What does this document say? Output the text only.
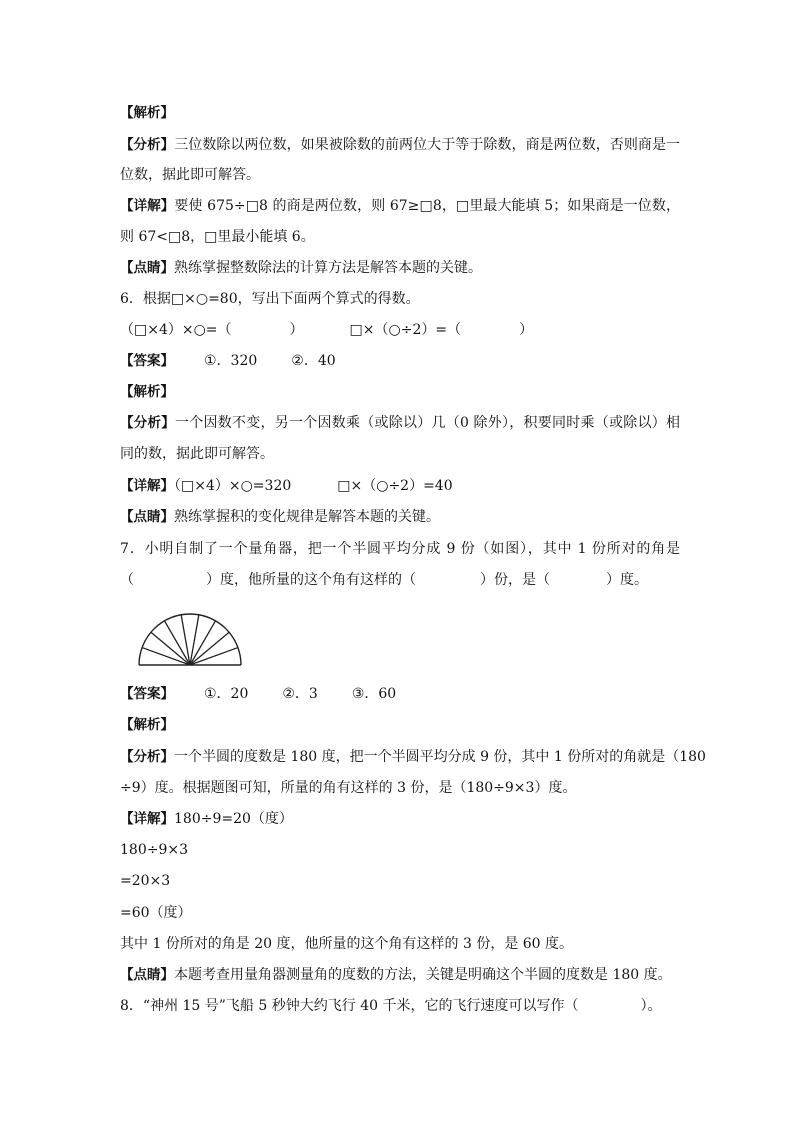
【解析】
【分析】三位数除以两位数，如果被除数的前两位大于等于除数，商是两位数，否则商是一
位数，据此即可解答。
【详解】要使 675÷□8 的商是两位数，则 67≥□8，□里最大能填 5；如果商是一位数，
则 67<□8，□里最小能填 6。
【点睛】熟练掌握整数除法的计算方法是解答本题的关键。
6．根据□×○=80，写出下面两个算式的得数。
（□×4）×○=（	）	□×（○÷2）=（	）
【答案】 ①．320 ②．40
【解析】
【分析】一个因数不变，另一个因数乘（或除以）几（0 除外），积要同时乘（或除以）相
同的数，据此即可解答。
【详解】（□×4）×○=320	□×（○÷2）=40
【点睛】熟练掌握积的变化规律是解答本题的关键。
7．小明自制了一个量角器，把一个半圆平均分成 9 份（如图），其中 1 份所对的角是
（	）度，他所量的这个角有这样的（	）份，是（	）度。
【答案】 ①．20 ②．3 ③．60
【解析】
【分析】一个半圆的度数是 180 度，把一个半圆平均分成 9 份，其中 1 份所对的角就是（180
÷9）度。根据题图可知，所量的角有这样的 3 份，是（180÷9×3）度。
【详解】180÷9=20（度）
180÷9×3
=20×3
=60（度）
其中 1 份所对的角是 20 度，他所量的这个角有这样的 3 份，是 60 度。
【点睛】本题考查用量角器测量角的度数的方法，关键是明确这个半圆的度数是 180 度。
8．“神州 15 号”飞船 5 秒钟大约飞行 40 千米，它的飞行速度可以写作（	）。
